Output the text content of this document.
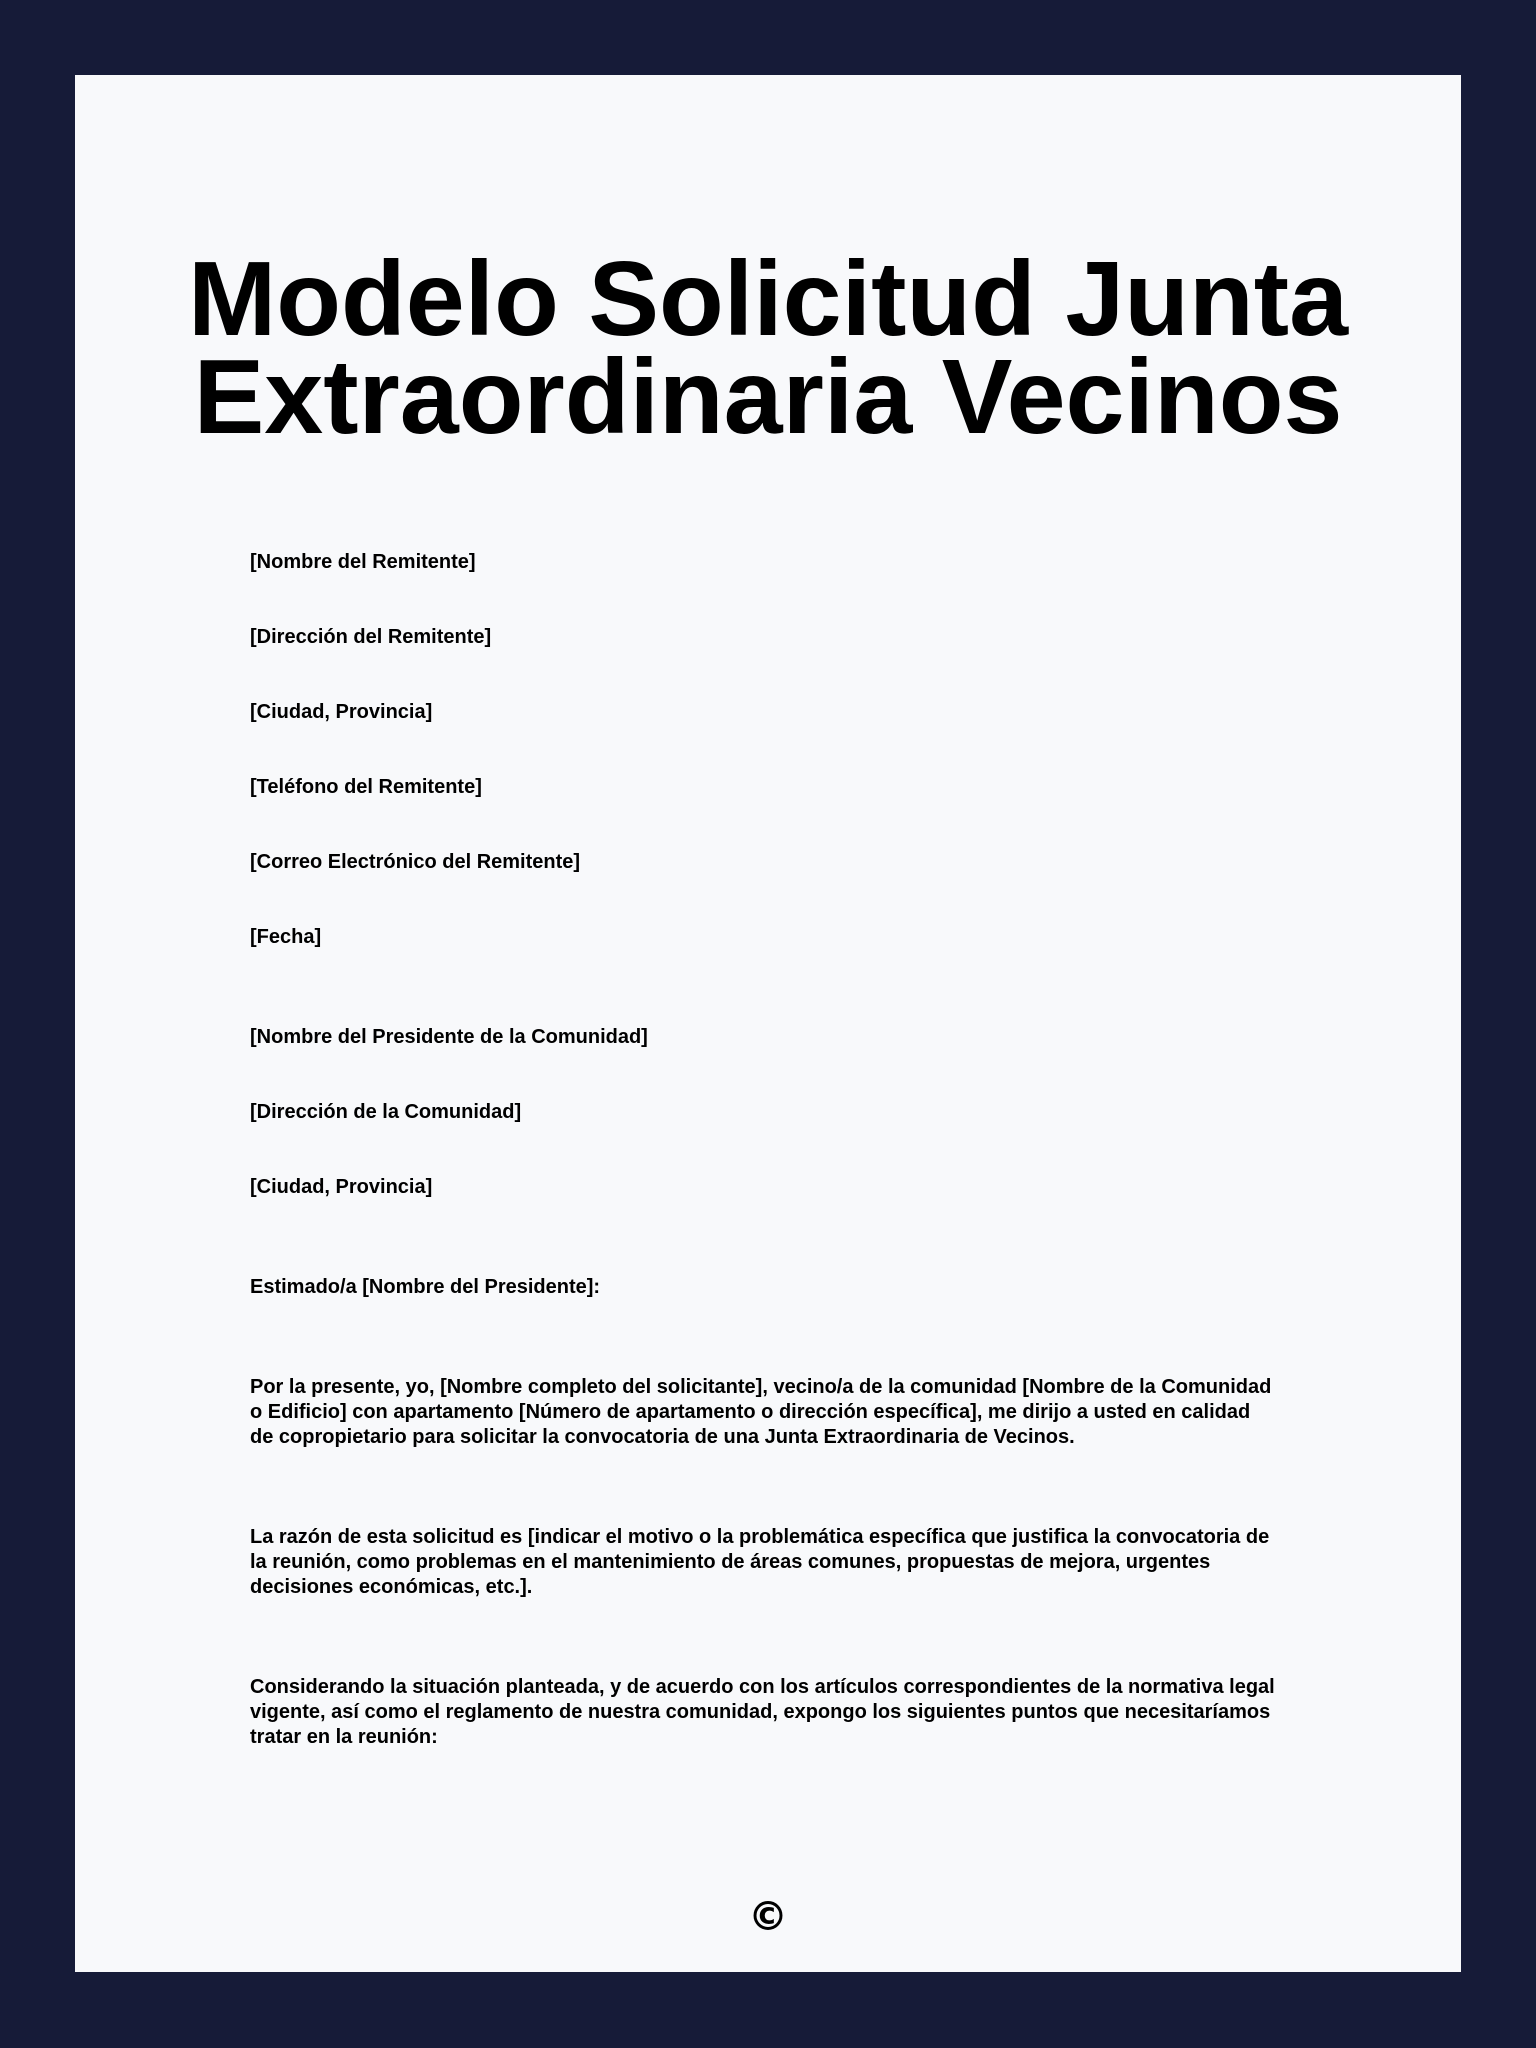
Modelo Solicitud Junta
Extraordinaria Vecinos

[Nombre del Remitente]

[Dirección del Remitente]

[Ciudad, Provincia]

[Teléfono del Remitente]

[Correo Electrónico del Remitente]

[Fecha]

[Nombre del Presidente de la Comunidad]

[Dirección de la Comunidad]

[Ciudad, Provincia]

Estimado/a [Nombre del Presidente]:

Por la presente, yo, [Nombre completo del solicitante], vecino/a de la comunidad [Nombre de la Comunidad
o Edificio] con apartamento [Número de apartamento o dirección específica], me dirijo a usted en calidad
de copropietario para solicitar la convocatoria de una Junta Extraordinaria de Vecinos.
La razón de esta solicitud es [indicar el motivo o la problemática específica que justifica la convocatoria de
la reunión, como problemas en el mantenimiento de áreas comunes, propuestas de mejora, urgentes
decisiones económicas, etc.].
Considerando la situación planteada, y de acuerdo con los artículos correspondientes de la normativa legal
vigente, así como el reglamento de nuestra comunidad, expongo los siguientes puntos que necesitaríamos
tratar en la reunión:
©
